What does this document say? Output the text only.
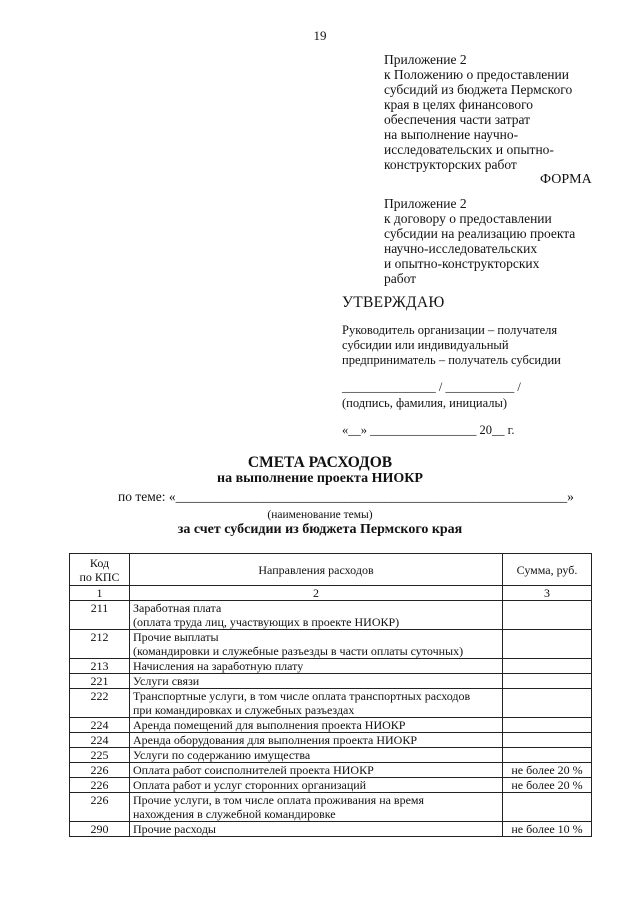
19
Приложение 2
к Положению о предоставлении
субсидий из бюджета Пермского
края в целях финансового
обеспечения части затрат
на выполнение научно-
исследовательских и опытно-
конструкторских работ
ФОРМА
Приложение 2
к договору о предоставлении
субсидии на реализацию проекта
научно-исследовательских
и опытно-конструкторских
работ
УТВЕРЖДАЮ
Руководитель организации – получателя
субсидии или индивидуальный
предприниматель – получатель субсидии
_______________ / ___________ /
(подпись, фамилия, инициалы)
«__» _________________ 20__ г.
СМЕТА РАСХОДОВ
на выполнение проекта НИОКР
по теме: «__________________________________________________________»
(наименование темы)
за счет субсидии из бюджета Пермского края
Код
по КПС	Направления расходов	Сумма, руб.
1	2	3
211	Заработная плата
(оплата труда лиц, участвующих в проекте НИОКР)	
212	Прочие выплаты
(командировки и служебные разъезды в части оплаты суточных)	
213	Начисления на заработную плату	
221	Услуги связи	
222	Транспортные услуги, в том числе оплата транспортных расходов
при командировках и служебных разъездах	
224	Аренда помещений для выполнения проекта НИОКР	
224	Аренда оборудования для выполнения проекта НИОКР	
225	Услуги по содержанию имущества	
226	Оплата работ соисполнителей проекта НИОКР	не более 20 %
226	Оплата работ и услуг сторонних организаций	не более 20 %
226	Прочие услуги, в том числе оплата проживания на время
нахождения в служебной командировке	
290	Прочие расходы	не более 10 %
